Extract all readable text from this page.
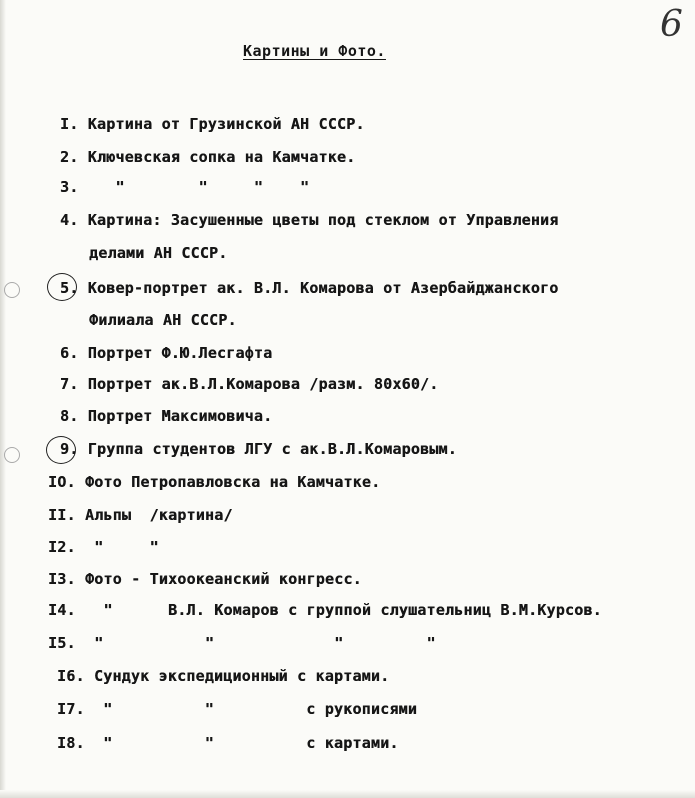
6
Картины и Фото.
I. Картина от Грузинской АН СССР.
2. Ключевская сопка на Камчатке.
3.    "        "     "    "
4. Картина: Засушенные цветы под стеклом от Управления
делами АН СССР.
5. Ковер-портрет ак. В.Л. Комарова от Азербайджанского
Филиала АН СССР.
6. Портрет Ф.Ю.Лесгафта
7. Портрет ак.В.Л.Комарова /разм. 80х60/.
8. Портрет Максимовича.
9. Группа студентов ЛГУ с ак.В.Л.Комаровым.
IO. Фото Петропавловска на Камчатке.
II. Альпы  /картина/
I2.  "     "
I3. Фото - Тихоокеанский конгресс.
I4.   "      В.Л. Комаров с группой слушательниц В.М.Курсов.
I5.  "           "             "         "
I6. Сундук экспедиционный с картами.
I7.  "          "          с рукописями
I8.  "          "          с картами.
